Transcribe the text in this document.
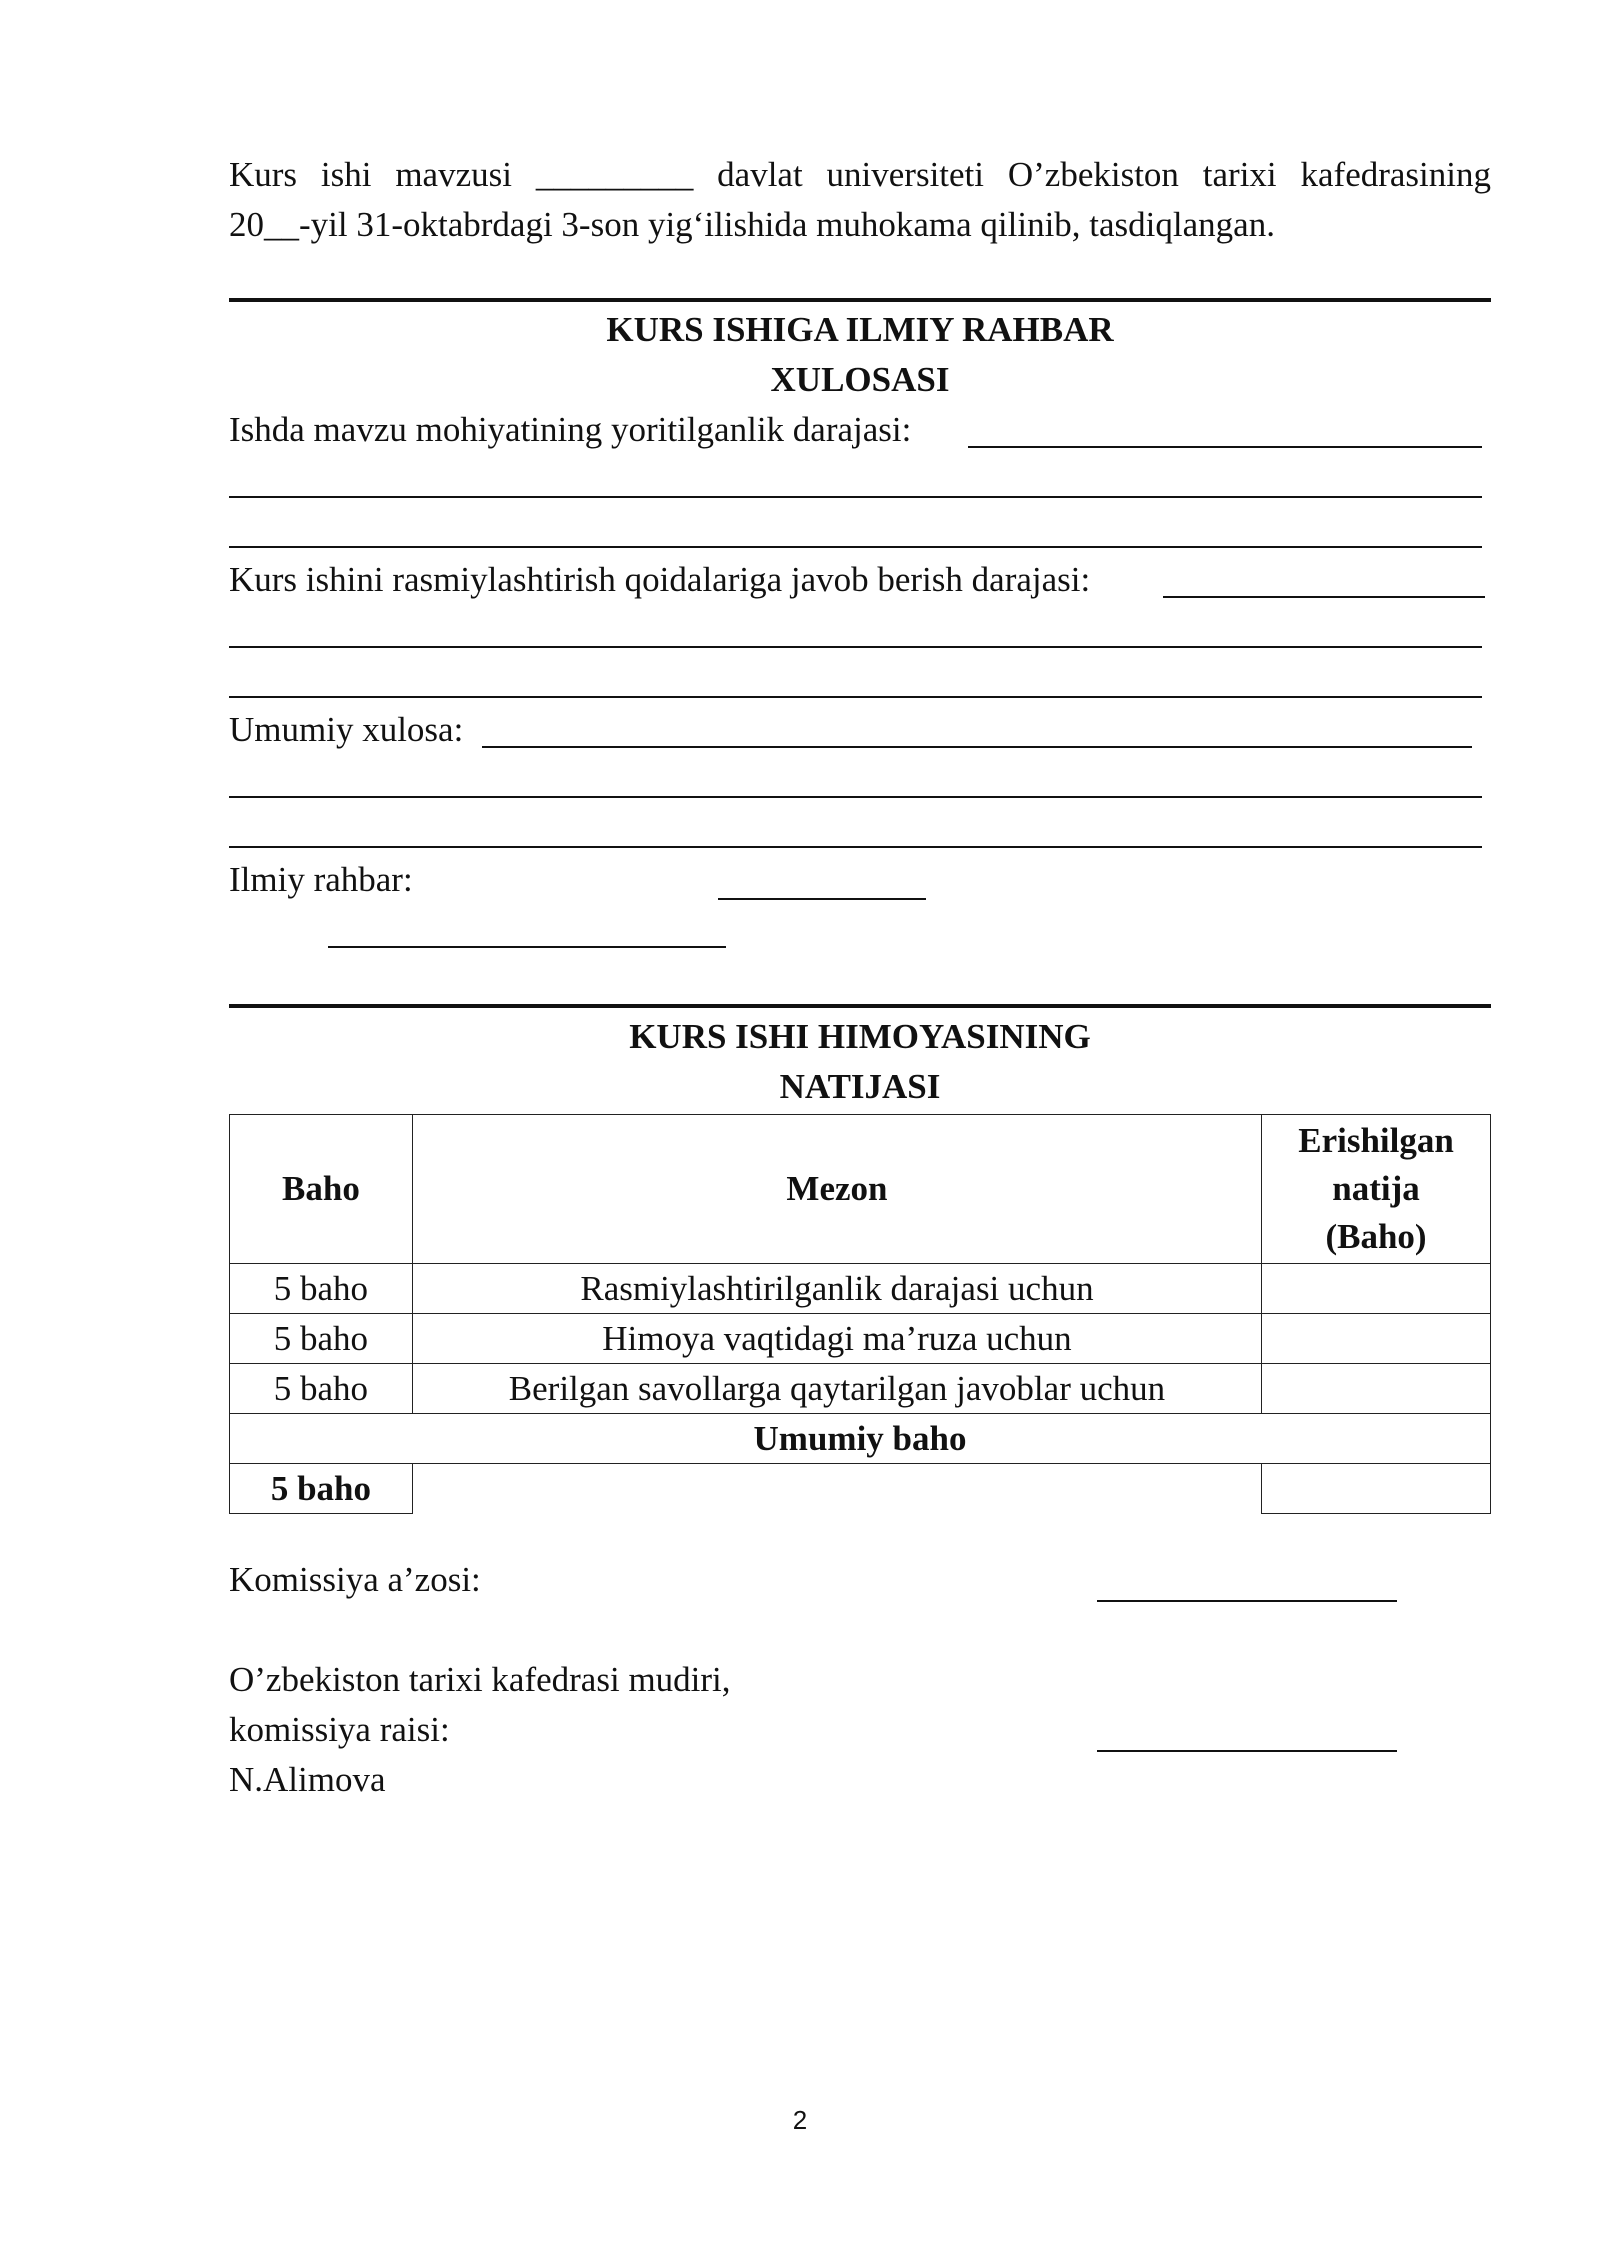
Kurs ishi mavzusi _________ davlat universiteti O’zbekiston tarixi kafedrasining
20__-yil 31-oktabrdagi 3-son yig‘ilishida muhokama qilinib, tasdiqlangan.
KURS ISHIGA ILMIY RAHBAR
XULOSASI
Ishda mavzu mohiyatining yoritilganlik darajasi:
Kurs ishini rasmiylashtirish qoidalariga javob berish darajasi:
Umumiy xulosa:
Ilmiy rahbar:
KURS ISHI HIMOYASINING
NATIJASI
Baho	Mezon	Erishilgan
natija
(Baho)

5 baho	Rasmiylashtirilganlik darajasi uchun	
5 baho	Himoya vaqtidagi ma’ruza uchun	
5 baho	Berilgan savollarga qaytarilgan javoblar uchun	
Umumiy baho		
5 baho		
Komissiya a’zosi:
O’zbekiston tarixi kafedrasi mudiri,
komissiya raisi:
N.Alimova
2
